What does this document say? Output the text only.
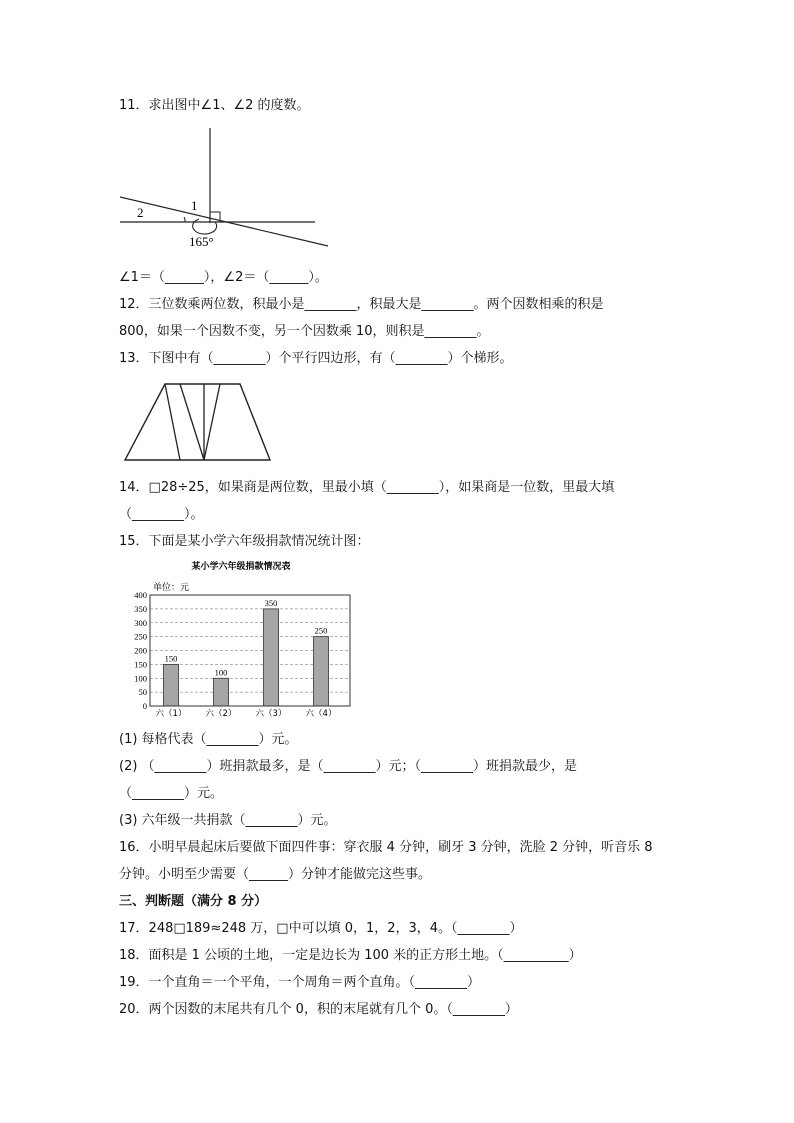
11．求出图中∠1、∠2 的度数。
1
2
165°
∠1＝（______），∠2＝（______）。
12．三位数乘两位数，积最小是________，积最大是________。两个因数相乘的积是
800，如果一个因数不变，另一个因数乘 10，则积是________。
13．下图中有（________）个平行四边形，有（________）个梯形。
14．□28÷25，如果商是两位数，里最小填（________），如果商是一位数，里最大填
（________）。
15．下面是某小学六年级捐款情况统计图：
某小学六年级捐款情况表
单位：元
0
50
100
150
200
250
300
350
400
六（1） 六（2） 六（3） 六（4）
150
100
350
250
(1) 每格代表（________）元。
(2) （________）班捐款最多，是（________）元；（________）班捐款最少，是
（________）元。
(3) 六年级一共捐款（________）元。
16．小明早晨起床后要做下面四件事：穿衣服 4 分钟，刷牙 3 分钟，洗脸 2 分钟，听音乐 8
分钟。小明至少需要（______）分钟才能做完这些事。
三、判断题（满分 8 分）
17．248□189≈248 万，□中可以填 0，1，2，3，4。（________）
18．面积是 1 公顷的土地，一定是边长为 100 米的正方形土地。（__________）
19．一个直角＝一个平角，一个周角＝两个直角。（________）
20．两个因数的末尾共有几个 0，积的末尾就有几个 0。（________）
